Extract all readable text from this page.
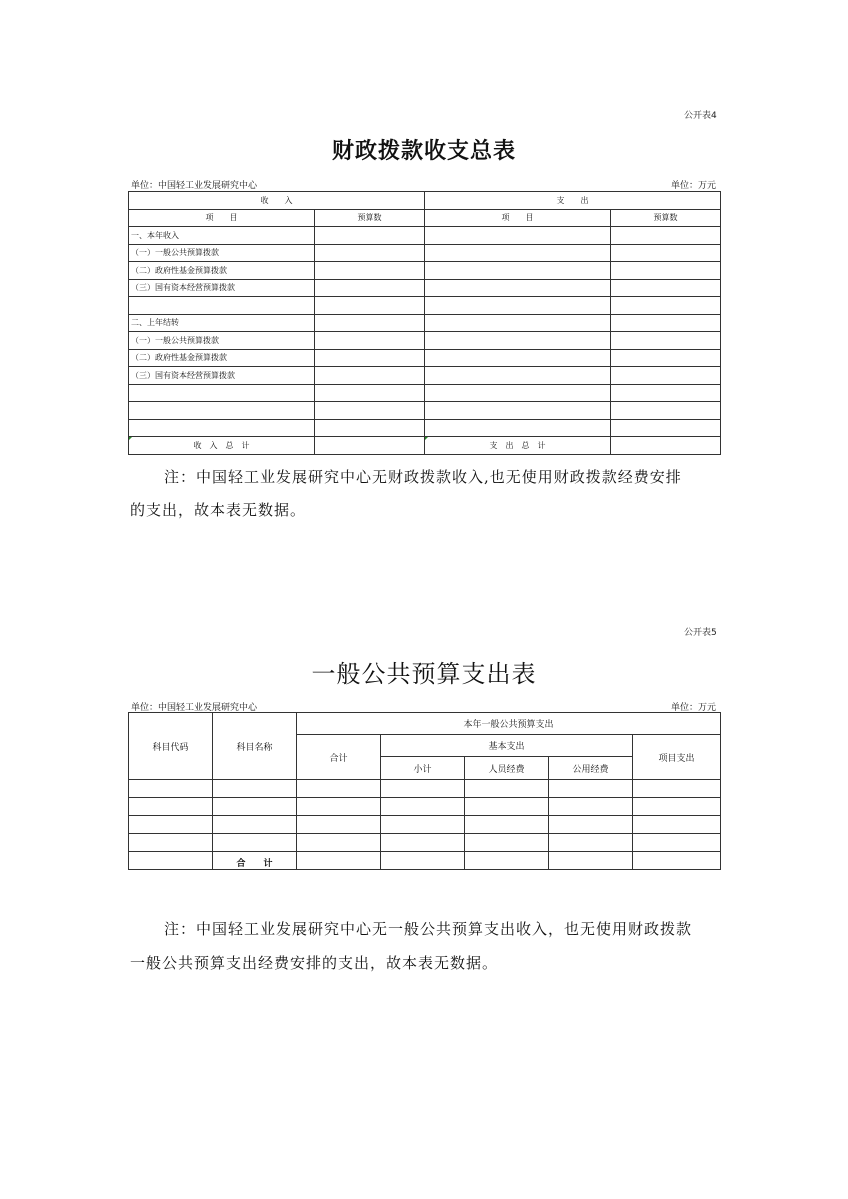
公开表4
财政拨款收支总表
单位：中国轻工业发展研究中心	单位：万元
收　　入		支　　出	
项　　目	预算数	项　　目	预算数
一、本年收入			
（一）一般公共预算拨款			
（二）政府性基金预算拨款			
（三）国有资本经营预算拨款			

二、上年结转			
（一）一般公共预算拨款			
（二）政府性基金预算拨款			
（三）国有资本经营预算拨款			

收　入　总　计		支　出　总　计	
注：中国轻工业发展研究中心无财政拨款收入,也无使用财政拨款经费安排
的支出，故本表无数据。
公开表5
一般公共预算支出表
单位：中国轻工业发展研究中心	单位：万元
科目代码	科目名称	本年一般公共预算支出				
		合计	基本支出			项目支出
			小计	人员经费	公用经费	

	合　　计					
注：中国轻工业发展研究中心无一般公共预算支出收入，也无使用财政拨款
一般公共预算支出经费安排的支出，故本表无数据。
